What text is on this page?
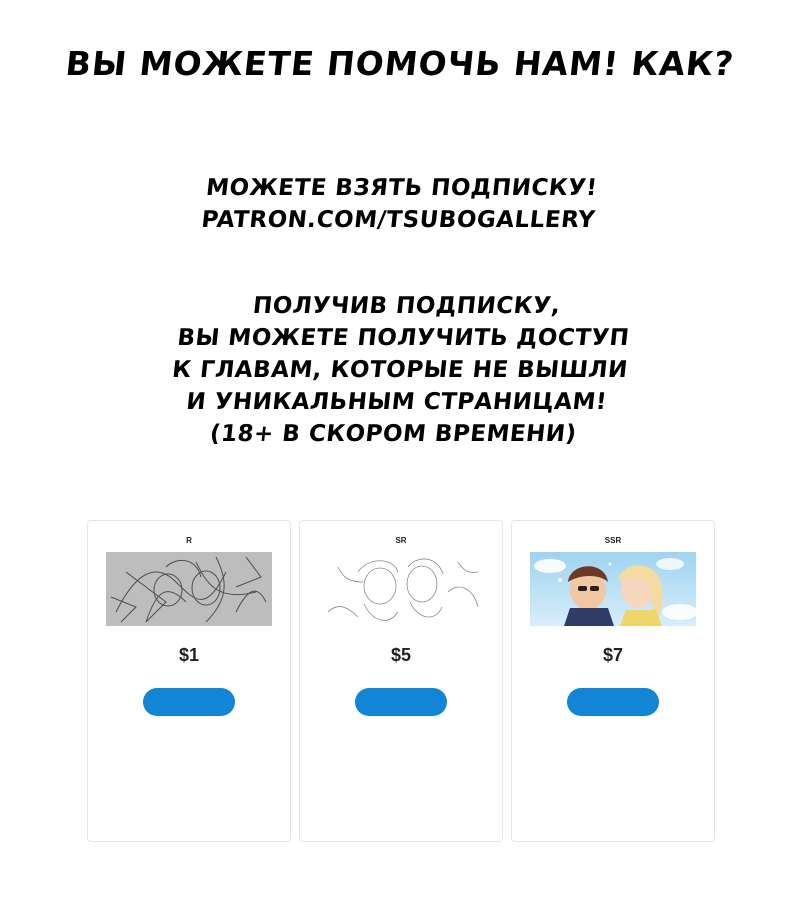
ВЫ МОЖЕТЕ ПОМОЧЬ НАМ! КАК?
МОЖЕТЕ ВЗЯТЬ ПОДПИСКУ!
PATRON.COM/TSUBOGALLERY
ПОЛУЧИВ ПОДПИСКУ,
ВЫ МОЖЕТЕ ПОЛУЧИТЬ ДОСТУП
К ГЛАВАМ, КОТОРЫЕ НЕ ВЫШЛИ
И УНИКАЛЬНЫМ СТРАНИЦАМ!
(18+ В СКОРОМ ВРЕМЕНИ)
R
$1
SR
$5
SSR
$7
